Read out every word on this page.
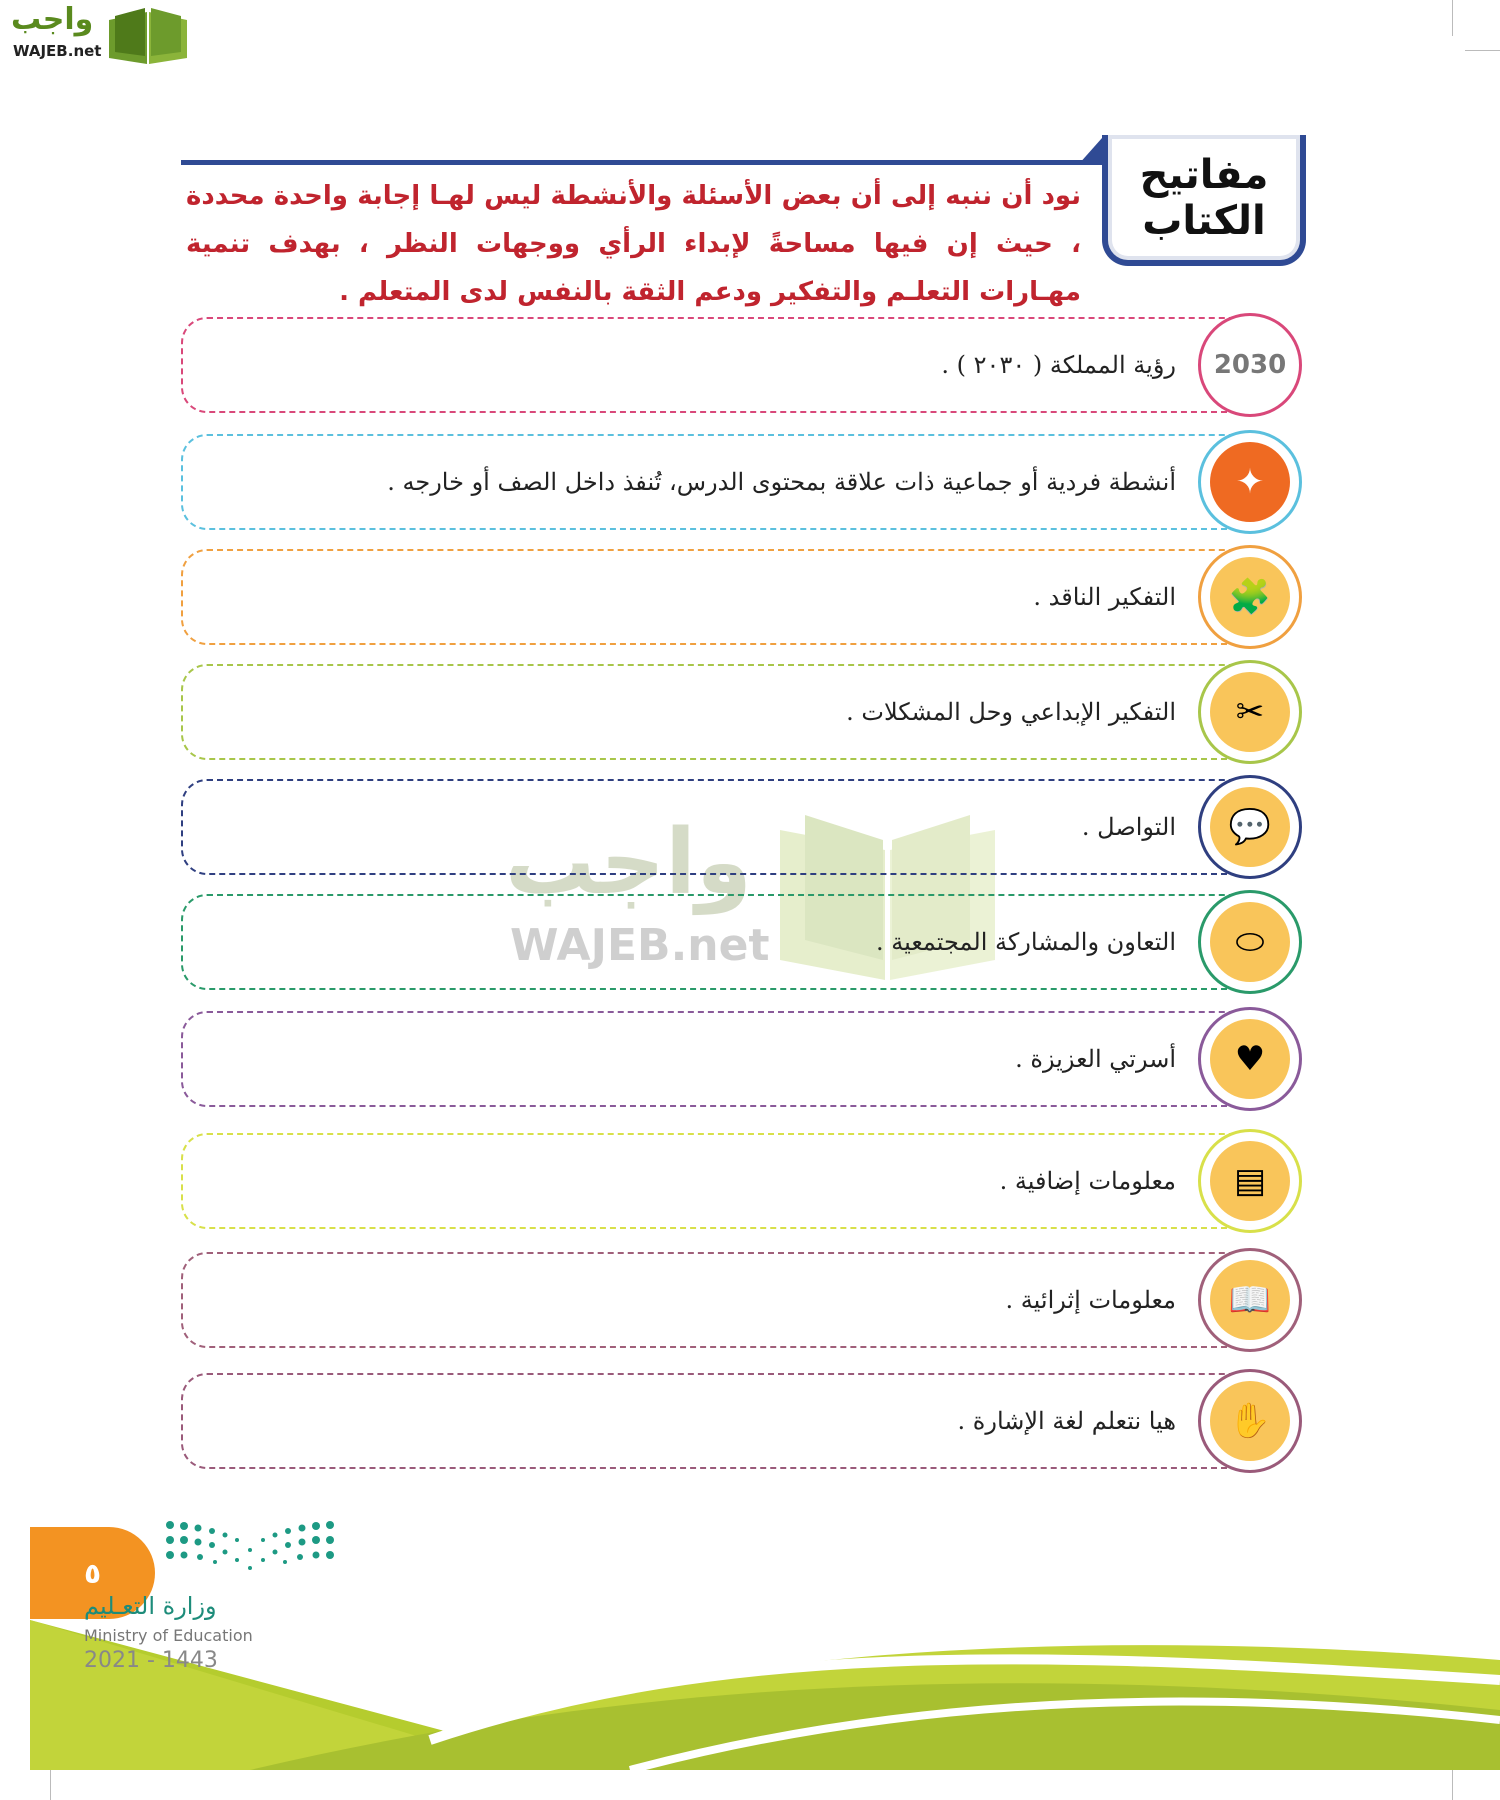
واجب
WAJEB.net
مفاتيح
الكتاب

نود أن ننبه إلى أن بعض الأسئلة والأنشطة ليس لهـا إجابة واحدة محددة ، حيث إن فيها مساحةً لإبداء الرأي ووجهات النظر ، بهدف تنمية مهـارات التعلـم والتفكير ودعم الثقة بالنفس لدى المتعلم .

واجب
WAJEB.net
رؤية المملكة ( ٢٠٣٠ ) . 2030
أنشطة فردية أو جماعية ذات علاقة بمحتوى الدرس، تُنفذ داخل الصف أو خارجه .	✦
التفكير الناقد .	🧩
التفكير الإبداعي وحل المشكلات .	✂
التواصل .	💬
التعاون والمشاركة المجتمعية .	⬭
أسرتي العزيزة .	♥
معلومات إضافية .	▤
معلومات إثرائية .	📖
هيا نتعلم لغة الإشارة .	✋
٥
وزارة التعـليم
Ministry of Education
2021 - 1443
